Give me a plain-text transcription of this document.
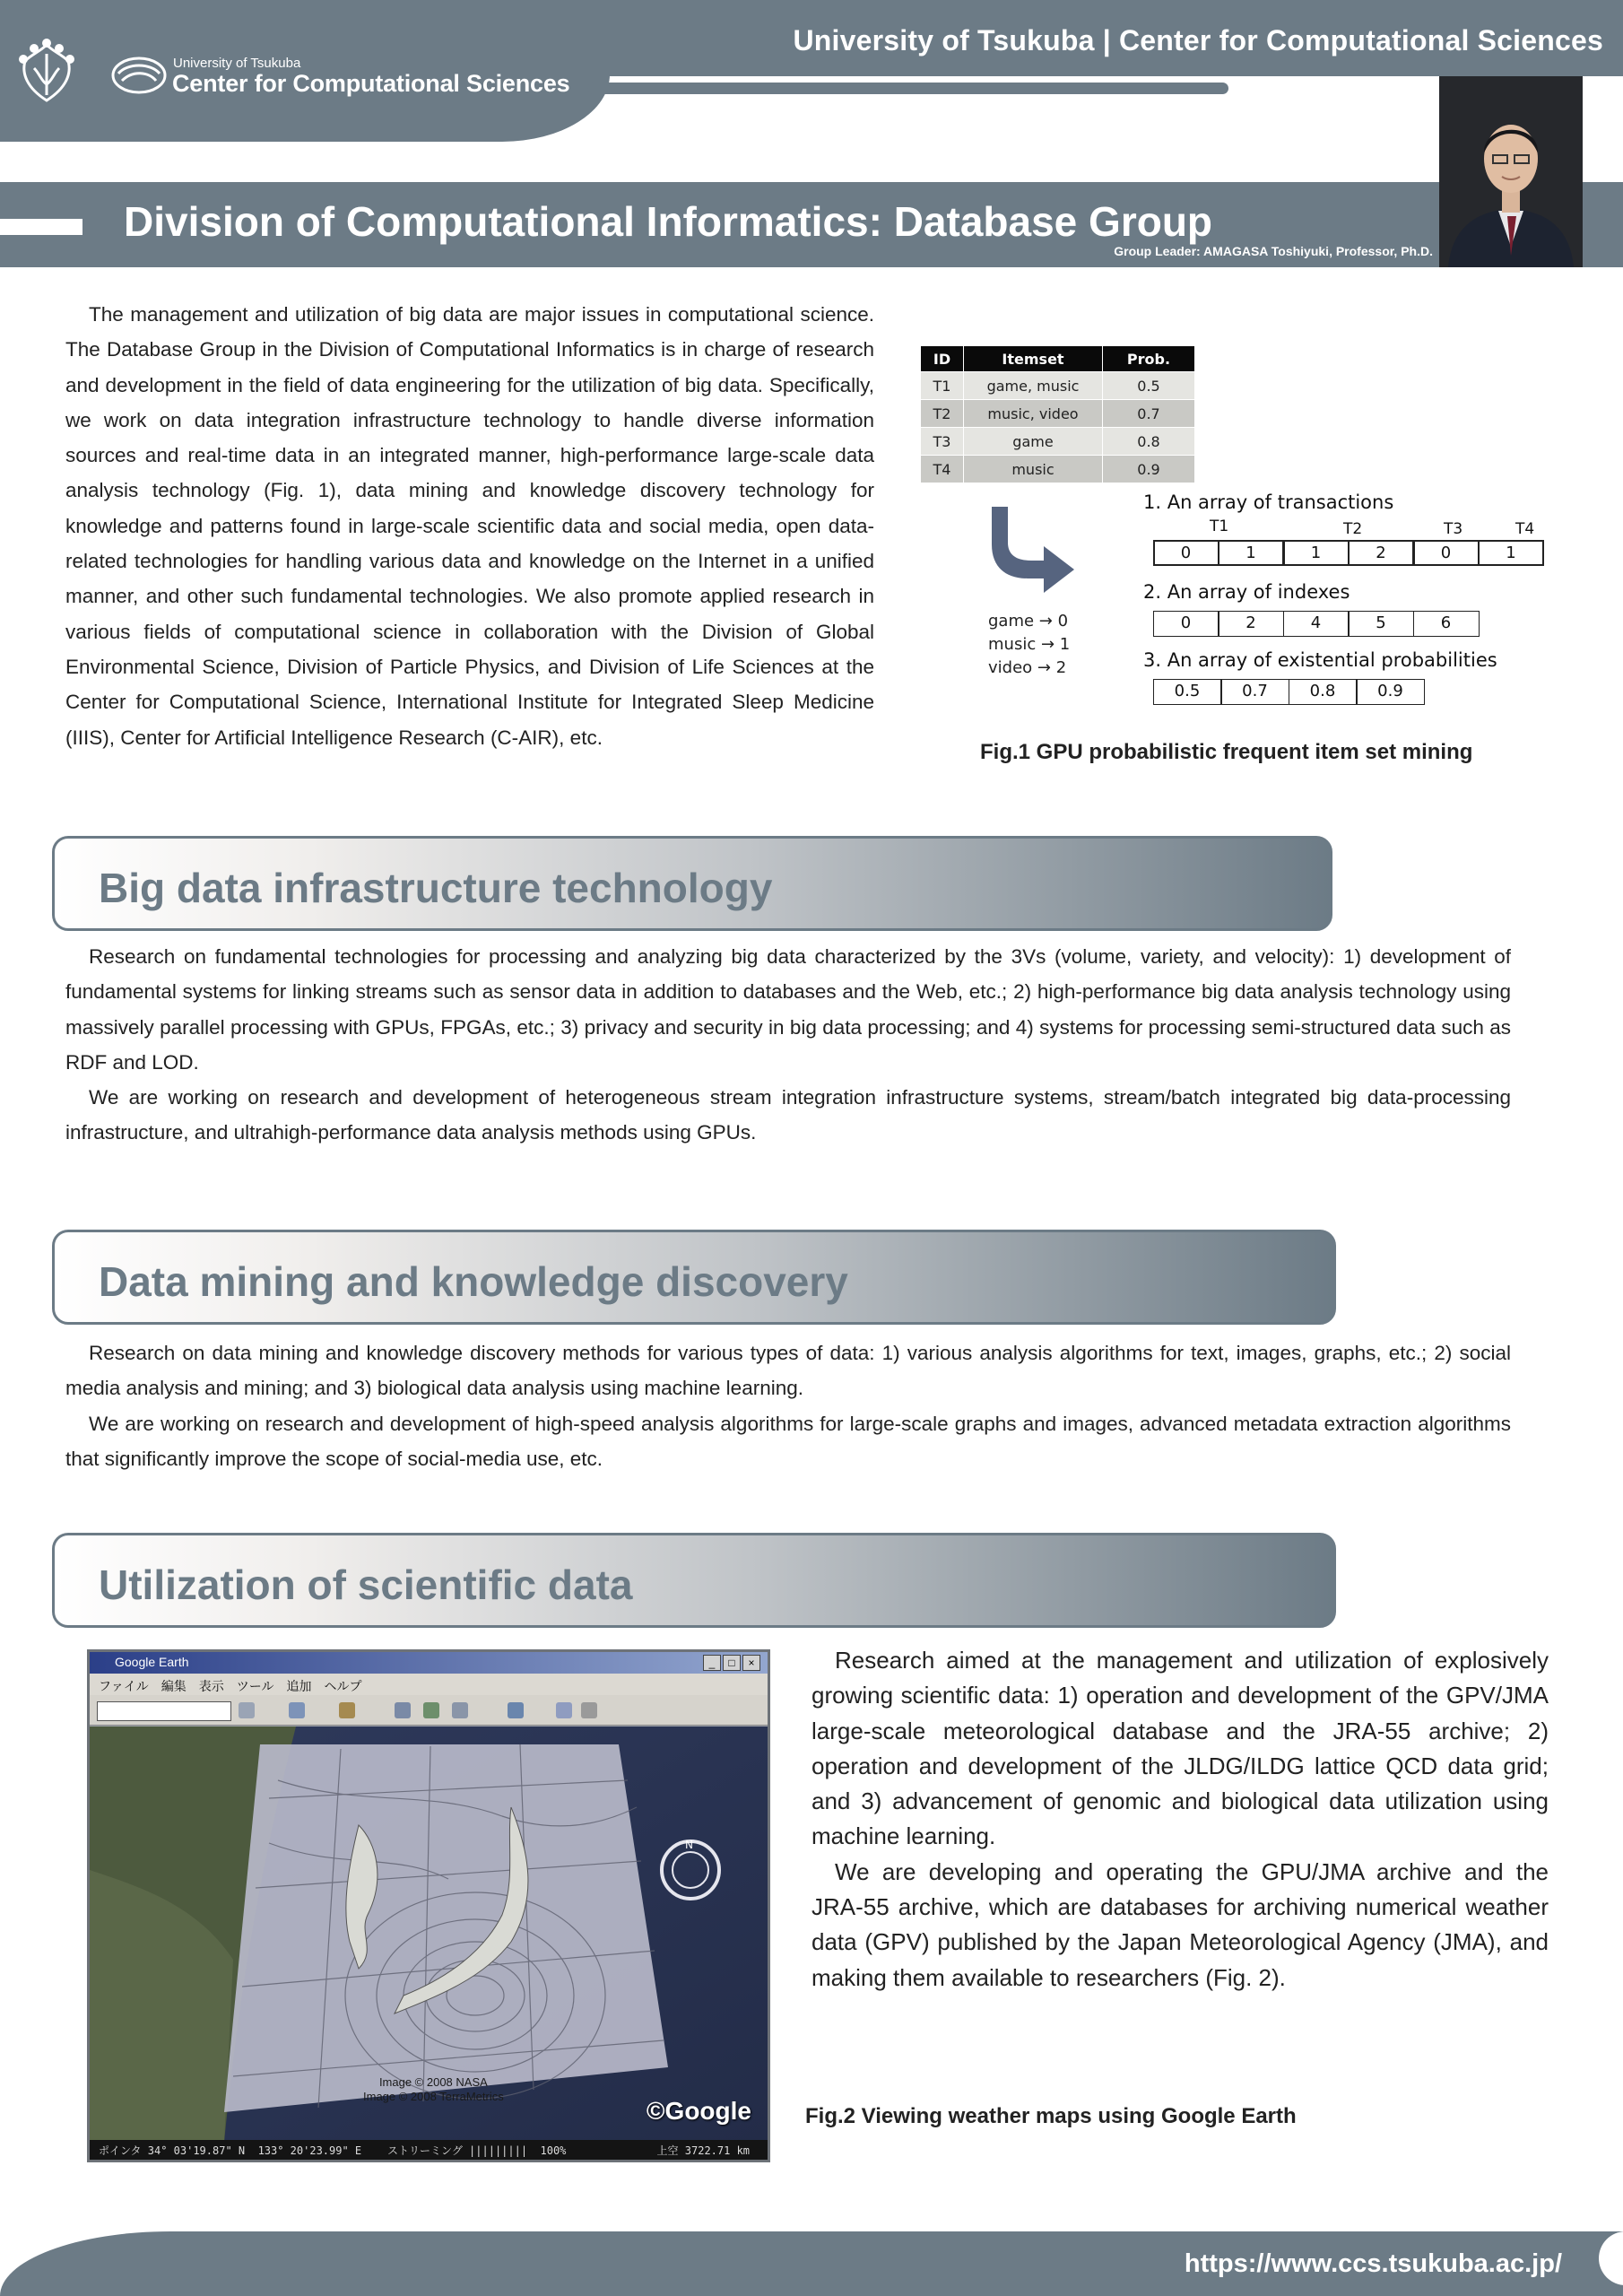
University of Tsukuba | Center for Computational Sciences
University of Tsukuba
Center for Computational Sciences
Division of Computational Informatics: Database Group
Group Leader: AMAGASA Toshiyuki, Professor, Ph.D.

The management and utilization of big data are major issues in computational science. The Database Group in the Division of Computational Informatics is in charge of research and development in the field of data engineering for the utilization of big data. Specifically, we work on data integration infrastructure technology to handle diverse information sources and real-time data in an integrated manner, high-performance large-scale data analysis technology (Fig. 1), data mining and knowledge discovery technology for knowledge and patterns found in large-scale scientific data and social media, open data-related technologies for handling various data and knowledge on the Internet in a unified manner, and other such fundamental technologies. We also promote applied research in various fields of computational science in collaboration with the Division of Global Environmental Science, Division of Particle Physics, and Division of Life Sciences at the Center for Computational Science, International Institute for Integrated Sleep Medicine (IIIS), Center for Artificial Intelligence Research (C-AIR), etc.

ID	Itemset	Prob.
T1	game, music	0.5
T2	music, video	0.7
T3	game	0.8
T4	music	0.9
game → 0
music → 1
video → 2
1. An array of transactions
T1	T2	T3	T4
0	1	1	2	0	1
2. An array of indexes
0	2	4	5	6
3. An array of existential probabilities
0.5	0.7	0.8	0.9
Fig.1 GPU probabilistic frequent item set mining
Big data infrastructure technology

Research on fundamental technologies for processing and analyzing big data characterized by the 3Vs (volume, variety, and velocity): 1) development of fundamental systems for linking streams such as sensor data in addition to databases and the Web, etc.; 2) high-performance big data analysis technology using massively parallel processing with GPUs, FPGAs, etc.; 3) privacy and security in big data processing; and 4) systems for processing semi-structured data such as RDF and LOD.

We are working on research and development of heterogeneous stream integration infrastructure systems, stream/batch integrated big data-processing infrastructure, and ultrahigh-performance data analysis methods using GPUs.

Data mining and knowledge discovery

Research on data mining and knowledge discovery methods for various types of data: 1) various analysis algorithms for text, images, graphs, etc.; 2) social media analysis and mining; and 3) biological data analysis using machine learning.

We are working on research and development of high-speed analysis algorithms for large-scale graphs and images, advanced metadata extraction algorithms that significantly improve the scope of social-media use, etc.

Utilization of scientific data
Google Earth	_	□	×
ファイル　編集　表示　ツール　追加　ヘルプ
N
Image © 2008 NASA
Image © 2008 TerraMetrics
©Google
ポインタ 34° 03'19.87" N  133° 20'23.99" E    ストリーミング |||||||||  100%              上空 3722.71 km

Research aimed at the management and utilization of explosively growing scientific data: 1) operation and development of the GPV/JMA large-scale meteorological database and the JRA-55 archive; 2) operation and development of the JLDG/ILDG lattice QCD data grid; and 3) advancement of genomic and biological data utilization using machine learning.

We are developing and operating the GPU/JMA archive and the JRA-55 archive, which are databases for archiving numerical weather data (GPV) published by the Japan Meteorological Agency (JMA), and making them available to researchers (Fig. 2).

Fig.2 Viewing weather maps using Google Earth
https://www.ccs.tsukuba.ac.jp/
